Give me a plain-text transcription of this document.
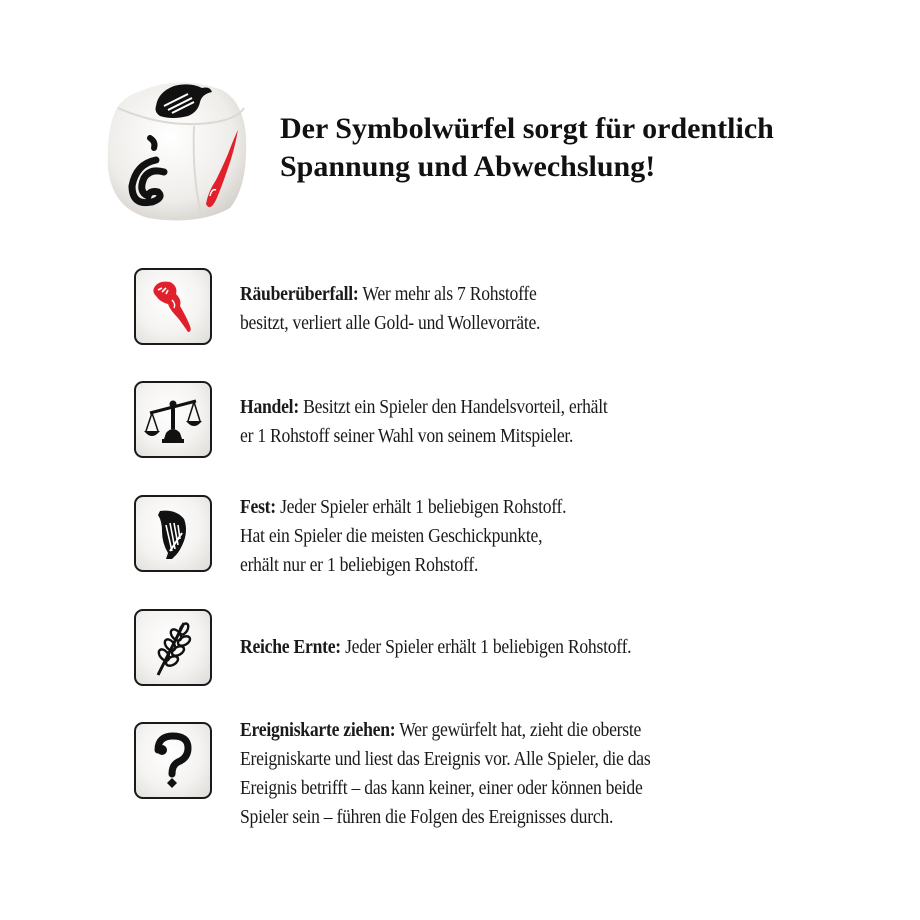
Der Symbolwürfel sorgt für ordentlich
Spannung und Abwechslung!
Räuberüberfall: Wer mehr als 7 Rohstoffe
besitzt, verliert alle Gold- und Wollevorräte.
Handel: Besitzt ein Spieler den Handelsvorteil, erhält
er 1 Rohstoff seiner Wahl von seinem Mitspieler.
Fest: Jeder Spieler erhält 1 beliebigen Rohstoff.
Hat ein Spieler die meisten Geschickpunkte,
erhält nur er 1 beliebigen Rohstoff.
Reiche Ernte: Jeder Spieler erhält 1 beliebigen Rohstoff.
Ereigniskarte ziehen: Wer gewürfelt hat, zieht die oberste
Ereigniskarte und liest das Ereignis vor. Alle Spieler, die das
Ereignis betrifft – das kann keiner, einer oder können beide
Spieler sein – führen die Folgen des Ereignisses durch.
